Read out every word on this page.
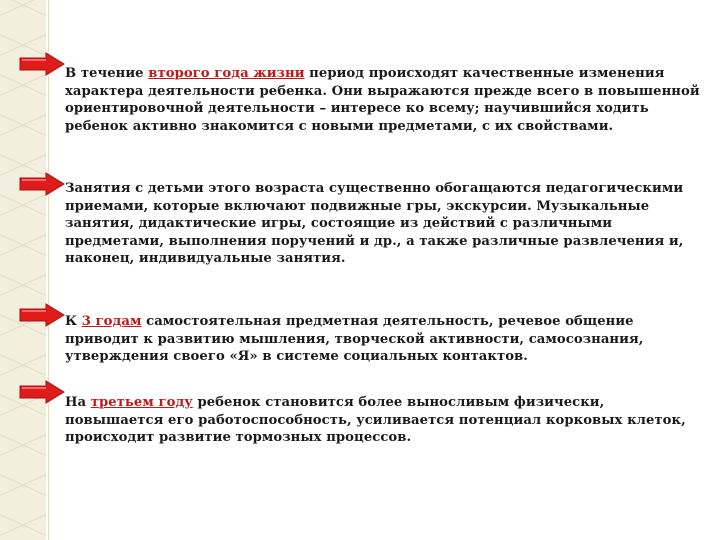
В течение второго года жизни период происходят качественные изменения характера деятельности ребенка. Они выражаются прежде всего в повышенной ориентировочной деятельности – интересе ко всему; научившийся ходить ребенок активно знакомится с новыми предметами, с их свойствами.
Занятия с детьми этого возраста существенно обогащаются педагогическими приемами, которые включают подвижные гры, экскурсии. Музыкальные занятия, дидактические игры, состоящие из действий с различными предметами, выполнения поручений и др., а также различные развлечения и, наконец, индивидуальные занятия.
К 3 годам самостоятельная предметная деятельность, речевое общение приводит к развитию мышления, творческой активности, самосознания, утверждения своего «Я» в системе социальных контактов.
На третьем году ребенок становится более выносливым физически, повышается его работоспособность, усиливается потенциал корковых клеток, происходит развитие тормозных процессов.
